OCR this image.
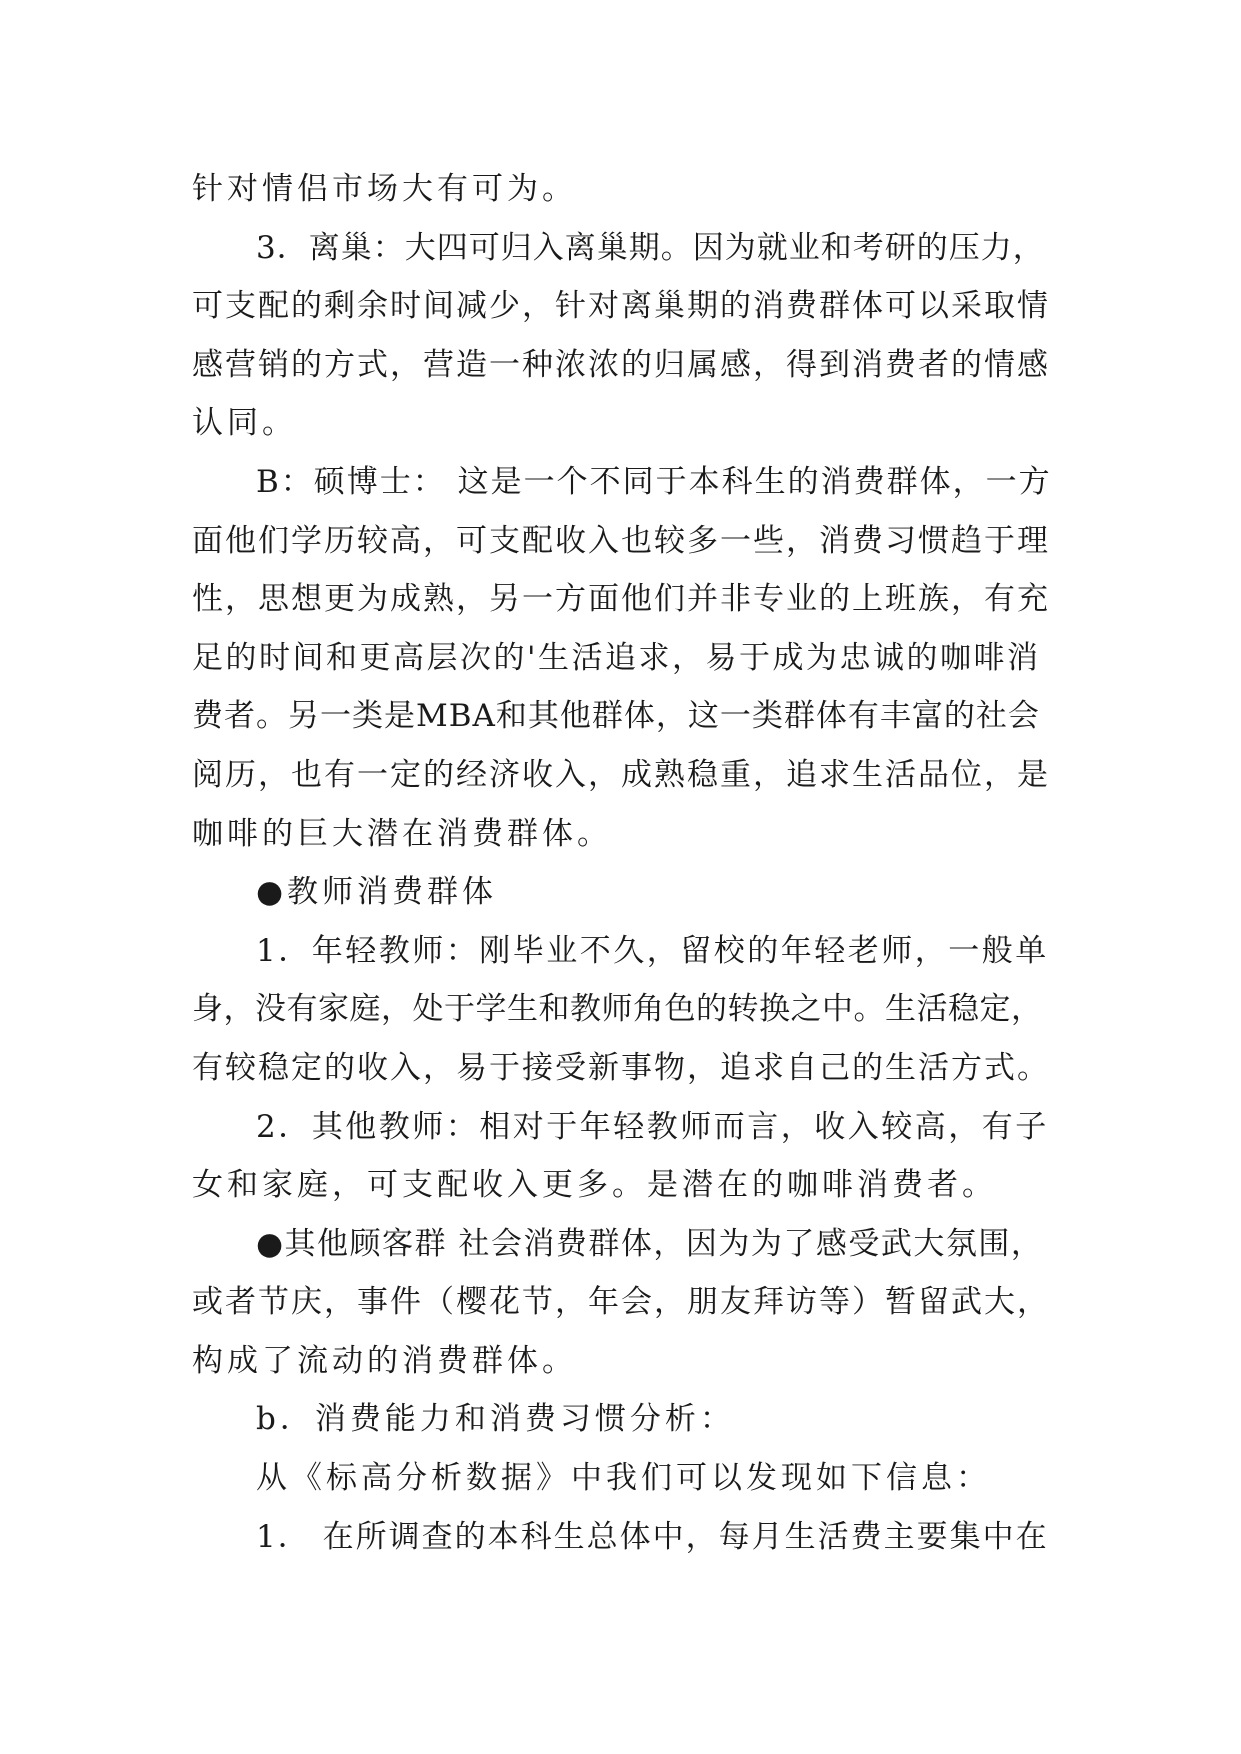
针对情侣市场大有可为。

3．离巢：大四可归入离巢期。因为就业和考研的压力，

可支配的剩余时间减少，针对离巢期的消费群体可以采取情

感营销的方式，营造一种浓浓的归属感，得到消费者的情感

认同。

B：硕博士： 这是一个不同于本科生的消费群体，一方

面他们学历较高，可支配收入也较多一些，消费习惯趋于理

性，思想更为成熟，另一方面他们并非专业的上班族，有充

足的时间和更高层次的'生活追求，易于成为忠诚的咖啡消

费者。另一类是MBA和其他群体，这一类群体有丰富的社会

阅历，也有一定的经济收入，成熟稳重，追求生活品位，是

咖啡的巨大潜在消费群体。

●教师消费群体

1．年轻教师：刚毕业不久，留校的年轻老师，一般单

身，没有家庭，处于学生和教师角色的转换之中。生活稳定，

有较稳定的收入，易于接受新事物，追求自己的生活方式。

2．其他教师：相对于年轻教师而言，收入较高，有子

女和家庭，可支配收入更多。是潜在的咖啡消费者。

●其他顾客群 社会消费群体，因为为了感受武大氛围，

或者节庆，事件（樱花节，年会，朋友拜访等）暂留武大，

构成了流动的消费群体。

b．消费能力和消费习惯分析：

从《标高分析数据》中我们可以发现如下信息：

1． 在所调查的本科生总体中，每月生活费主要集中在
